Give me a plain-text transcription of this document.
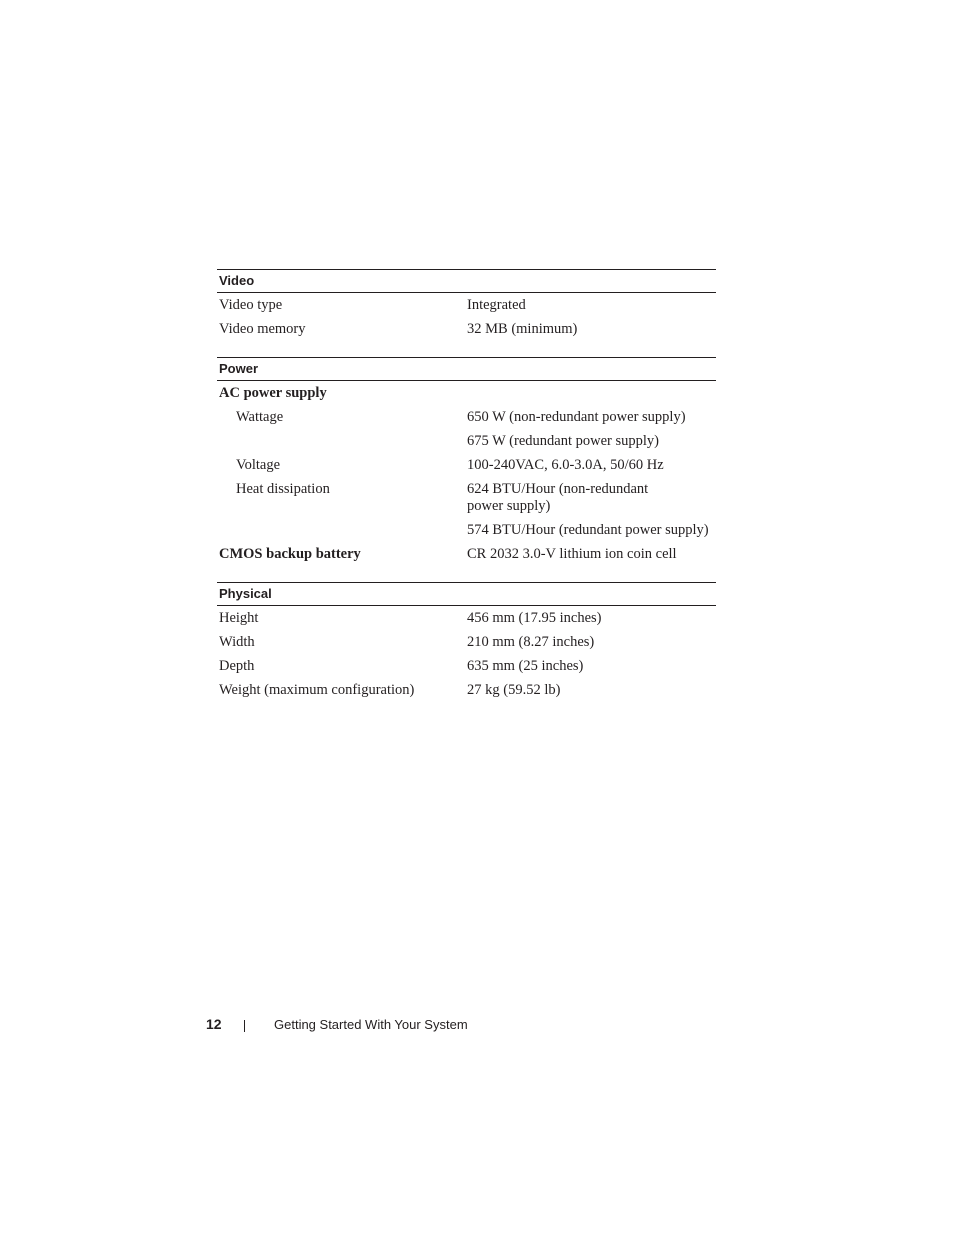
Video
Video type	Integrated
Video memory	32 MB (minimum)
Power
AC power supply
Wattage	650 W (non-redundant power supply)
675 W (redundant power supply)
Voltage	100-240VAC, 6.0-3.0A, 50/60 Hz
Heat dissipation	624 BTU/Hour (non-redundant
power supply)
574 BTU/Hour (redundant power supply)
CMOS backup battery	CR 2032 3.0-V lithium ion coin cell
Physical
Height	456 mm (17.95 inches)
Width	210 mm (8.27 inches)
Depth	635 mm (25 inches)
Weight (maximum configuration)	27 kg (59.52 lb)
12	Getting Started With Your System
